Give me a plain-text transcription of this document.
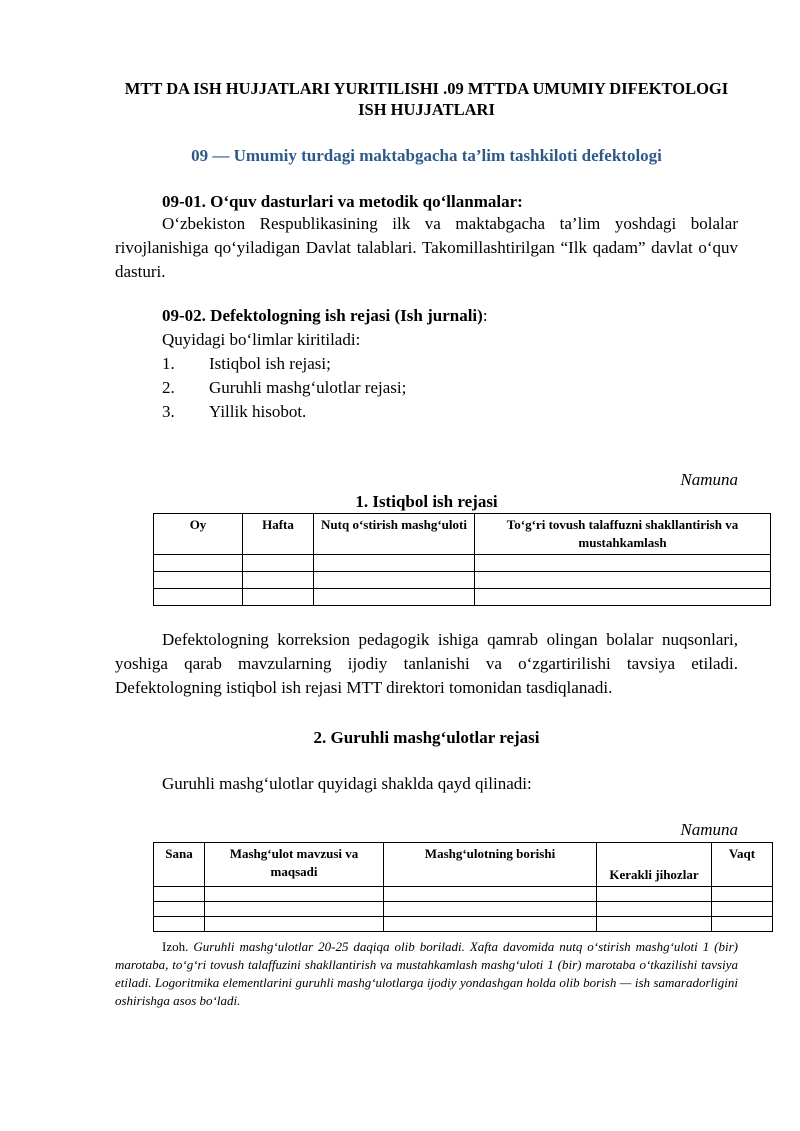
MTT DA ISH HUJJATLARI YURITILISHI .09 MTTDA UMUMIY DIFEKTOLOGI ISH HUJJATLARI
09 — Umumiy turdagi maktabgacha ta’lim tashkiloti defektologi
09-01. O‘quv dasturlari va metodik qo‘llanmalar:
O‘zbekiston Respublikasining ilk va maktabgacha ta’lim yoshdagi bolalar rivojlanishiga qo‘yiladigan Davlat talablari. Takomillashtirilgan “Ilk qadam” davlat o‘quv dasturi.
09-02. Defektologning ish rejasi (Ish jurnali):
Quyidagi bo‘limlar kiritiladi:
1. Istiqbol ish rejasi;
2. Guruhli mashg‘ulotlar rejasi;
3. Yillik hisobot.
Namuna
1. Istiqbol ish rejasi
Oy	Hafta	Nutq o‘stirish mashg‘uloti	To‘g‘ri tovush talaffuzni shakllantirish va mustahkamlash

Defektologning korreksion pedagogik ishiga qamrab olingan bolalar nuqsonlari, yoshiga qarab mavzularning ijodiy tanlanishi va o‘zgartirilishi tavsiya etiladi. Defektologning istiqbol ish rejasi MTT direktori tomonidan tasdiqlanadi.
2. Guruhli mashg‘ulotlar rejasi
Guruhli mashg‘ulotlar quyidagi shaklda qayd qilinadi:
Namuna
Sana	Mashg‘ulot mavzusi va maqsadi	Mashg‘ulotning borishi	Kerakli jihozlar	Vaqt

Izoh. Guruhli mashg‘ulotlar 20-25 daqiqa olib boriladi. Xafta davomida nutq o‘stirish mashg‘uloti 1 (bir) marotaba, to‘g‘ri tovush talaffuzini shakllantirish va mustahkamlash mashg‘uloti 1 (bir) marotaba o‘tkazilishi tavsiya etiladi. Logoritmika elementlarini guruhli mashg‘ulotlarga ijodiy yondashgan holda olib borish — ish samaradorligini oshirishga asos bo‘ladi.
